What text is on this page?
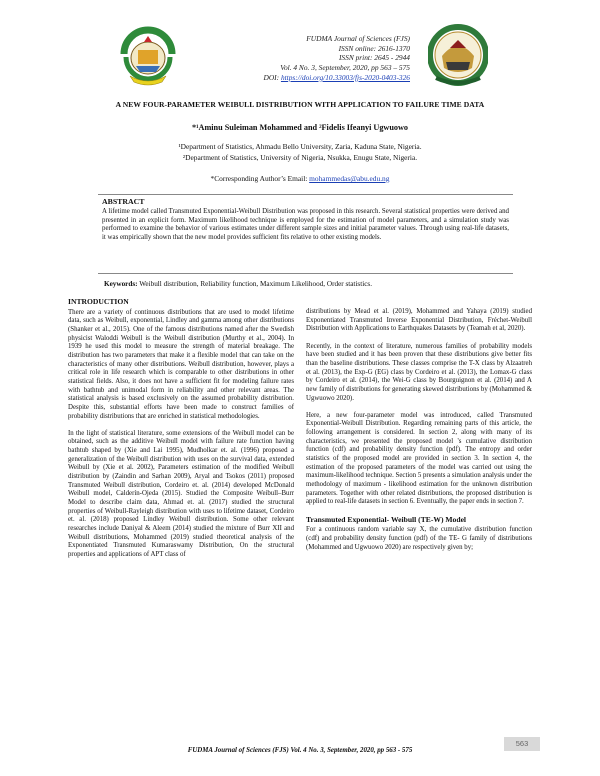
FUDMA Journal of Sciences (FJS)
ISSN online: 2616-1370
ISSN print: 2645 - 2944
Vol. 4 No. 3, September, 2020, pp 563 – 575
DOI: https://doi.org/10.33003/fjs-2020-0403-326
A NEW FOUR-PARAMETER WEIBULL DISTRIBUTION WITH APPLICATION TO FAILURE TIME DATA
*¹Aminu Suleiman Mohammed and ²Fidelis Ifeanyi Ugwuowo
¹Department of Statistics, Ahmadu Bello University, Zaria, Kaduna State, Nigeria.
²Department of Statistics, University of Nigeria, Nsukka, Enugu State, Nigeria.
*Corresponding Author’s Email: mohammedas@abu.edu.ng

ABSTRACT

A lifetime model called Transmuted Exponential-Weibull Distribution was proposed in this research. Several statistical properties were derived and presented in an explicit form. Maximum likelihood technique is employed for the estimation of model parameters, and a simulation study was performed to examine the behavior of various estimates under different sample sizes and initial parameter values. Through using real-life datasets, it was empirically shown that the new model provides sufficient fits relative to other existing models.

Keywords: Weibull distribution, Reliability function, Maximum Likelihood, Order statistics.

INTRODUCTION

There are a variety of continuous distributions that are used to model lifetime data, such as Weibull, exponential, Lindley and gamma among other distributions (Shanker et al., 2015). One of the famous distributions named after the Swedish physicist Waloddi Weibull is the Weibull distribution (Murthy et al., 2004). In 1939 he used this model to measure the strength of material breakage. The distribution has two parameters that make it a flexible model that can take on the characteristics of many other distributions. Weibull distribution, however, plays a critical role in life research which is comparable to other distributions in other statistical fields. Also, it does not have a sufficient fit for modeling failure rates with bathtub and unimodal form in reliability and other relevant areas. The statistical analysis is based exclusively on the assumed probability distribution. Despite this, substantial efforts have been made to construct families of probability distributions that are enriched in statistical methodologies.

In the light of statistical literature, some extensions of the Weibull model can be obtained, such as the additive Weibull model with failure rate function having bathtub shaped by (Xie and Lai 1995), Mudholkar et. al. (1996) proposed a generalization of the Weibull distribution with uses on the survival data, extended Weibull by (Xie et al. 2002), Parameters estimation of the modified Weibull distribution by (Zaindin and Sarhan 2009), Aryal and Tsokos (2011) proposed Transmuted Weibull distribution, Cordeiro et. al. (2014) developed McDonald Weibull model, Calderín-Ojeda (2015). Studied the Composite Weibull–Burr Model to describe claim data, Ahmad et. al. (2017) studied the structural properties of Weibull-Rayleigh distribution with uses to lifetime dataset, Cordeiro et. al. (2018) proposed Lindley Weibull distribution. Some other relevant researches include Daniyal & Aleem (2014) studied the mixture of Burr XII and Weibull distributions, Mohammed (2019) studied theoretical analysis of the Exponentiated Transmuted Kumaraswamy Distribution, On the structural properties and applications of APT class of

distributions by Mead et al. (2019), Mohammed and Yahaya (2019) studied Exponentiated Transmuted Inverse Exponential Distribution, Fréchet-Weibull Distribution with Applications to Earthquakes Datasets by (Teamah et al, 2020).

Recently, in the context of literature, numerous families of probability models have been studied and it has been proven that these distributions give better fits than the baseline distributions. These classes comprise the T-X class by Alzaatreh et al. (2013), the Exp-G (EG) class by Cordeiro et al. (2013), the Lomax-G class by Cordeiro et al. (2014), the Wei-G class by Bourguignon et al. (2014) and A new family of distributions for generating skewed distributions by (Mohammed & Ugwuowo 2020).

Here, a new four-parameter model was introduced, called Transmuted Exponential-Weibull Distribution. Regarding remaining parts of this article, the following arrangement is considered. In section 2, along with many of its characteristics, we presented the proposed model 's cumulative distribution function (cdf) and probability density function (pdf). The entropy and order statistics of the proposed model are provided in section 3. In section 4, the estimation of the proposed parameters of the model was carried out using the maximum-likelihood technique. Section 5 presents a simulation analysis under the methodology of maximum - likelihood estimation for the unknown distribution parameters. Together with other related distributions, the proposed distribution is applied to real-life datasets in section 6. Eventually, the paper ends in section 7.

Transmuted Exponential- Weibull (TE-W) Model

For a continuous random variable say X, the cumulative distribution function (cdf) and probability density function (pdf) of the TE- G family of distributions (Mohammed and Ugwuowo 2020) are respectively given by;

FUDMA Journal of Sciences (FJS) Vol. 4 No. 3, September, 2020, pp 563 - 575
563
